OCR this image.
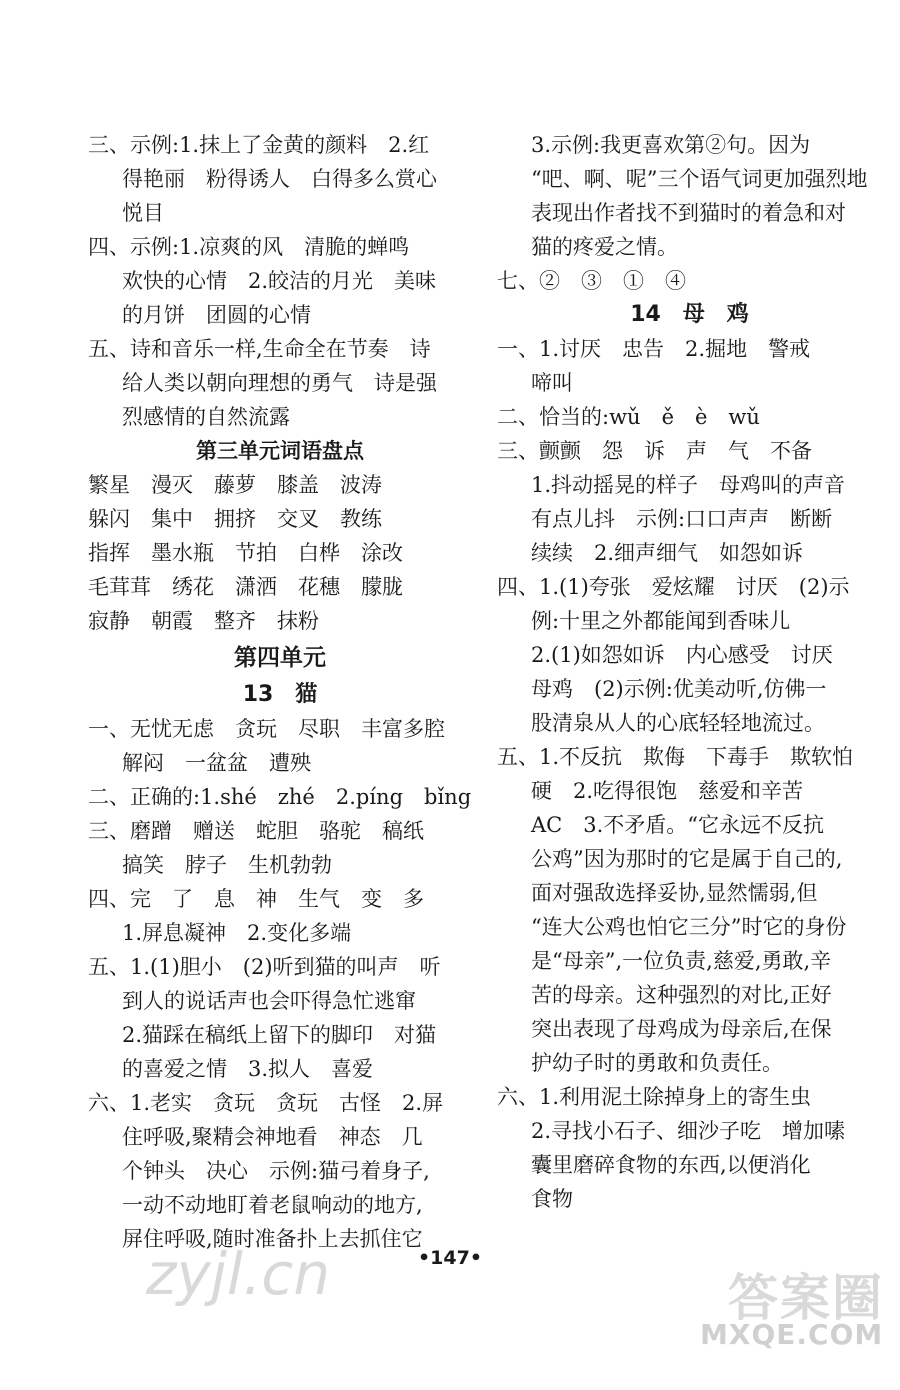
三、示例:1.抹上了金黄的颜料　2.红
得艳丽　粉得诱人　白得多么赏心
悦目
四、示例:1.凉爽的风　清脆的蝉鸣
欢快的心情　2.皎洁的月光　美味
的月饼　团圆的心情
五、诗和音乐一样,生命全在节奏　诗
给人类以朝向理想的勇气　诗是强
烈感情的自然流露
第三单元词语盘点
繁星　漫灭　藤萝　膝盖　波涛
躲闪　集中　拥挤　交叉　教练
指挥　墨水瓶　节拍　白桦　涂改
毛茸茸　绣花　潇洒　花穗　朦胧
寂静　朝霞　整齐　抹粉
第四单元
13　猫
一、无忧无虑　贪玩　尽职　丰富多腔
解闷　一盆盆　遭殃
二、正确的:1.shé　zhé　2.píng　bǐng
三、磨蹭　赠送　蛇胆　骆驼　稿纸
搞笑　脖子　生机勃勃
四、完　了　息　神　生气　变　多
1.屏息凝神　2.变化多端
五、1.(1)胆小　(2)听到猫的叫声　听
到人的说话声也会吓得急忙逃窜
2.猫踩在稿纸上留下的脚印　对猫
的喜爱之情　3.拟人　喜爱
六、1.老实　贪玩　贪玩　古怪　2.屏
住呼吸,聚精会神地看　神态　几
个钟头　决心　示例:猫弓着身子,
一动不动地盯着老鼠响动的地方,
屏住呼吸,随时准备扑上去抓住它
3.示例:我更喜欢第②句。因为
“吧、啊、呢”三个语气词更加强烈地
表现出作者找不到猫时的着急和对
猫的疼爱之情。
七、②　③　①　④
14　母　鸡
一、1.讨厌　忠告　2.掘地　警戒
啼叫
二、恰当的:wǔ　ě　è　wǔ
三、颤颤　怨　诉　声　气　不备
1.抖动摇晃的样子　母鸡叫的声音
有点儿抖　示例:口口声声　断断
续续　2.细声细气　如怨如诉
四、1.(1)夸张　爱炫耀　讨厌　(2)示
例:十里之外都能闻到香味儿
2.(1)如怨如诉　内心感受　讨厌
母鸡　(2)示例:优美动听,仿佛一
股清泉从人的心底轻轻地流过。
五、1.不反抗　欺侮　下毒手　欺软怕
硬　2.吃得很饱　慈爱和辛苦
AC　3.不矛盾。“它永远不反抗
公鸡”因为那时的它是属于自己的,
面对强敌选择妥协,显然懦弱,但
“连大公鸡也怕它三分”时它的身份
是“母亲”,一位负责,慈爱,勇敢,辛
苦的母亲。这种强烈的对比,正好
突出表现了母鸡成为母亲后,在保
护幼子时的勇敢和负责任。
六、1.利用泥土除掉身上的寄生虫
2.寻找小石子、细沙子吃　增加嗉
囊里磨碎食物的东西,以便消化
食物
•147•
zyjl.cn	答案圈
MXQE.COM
